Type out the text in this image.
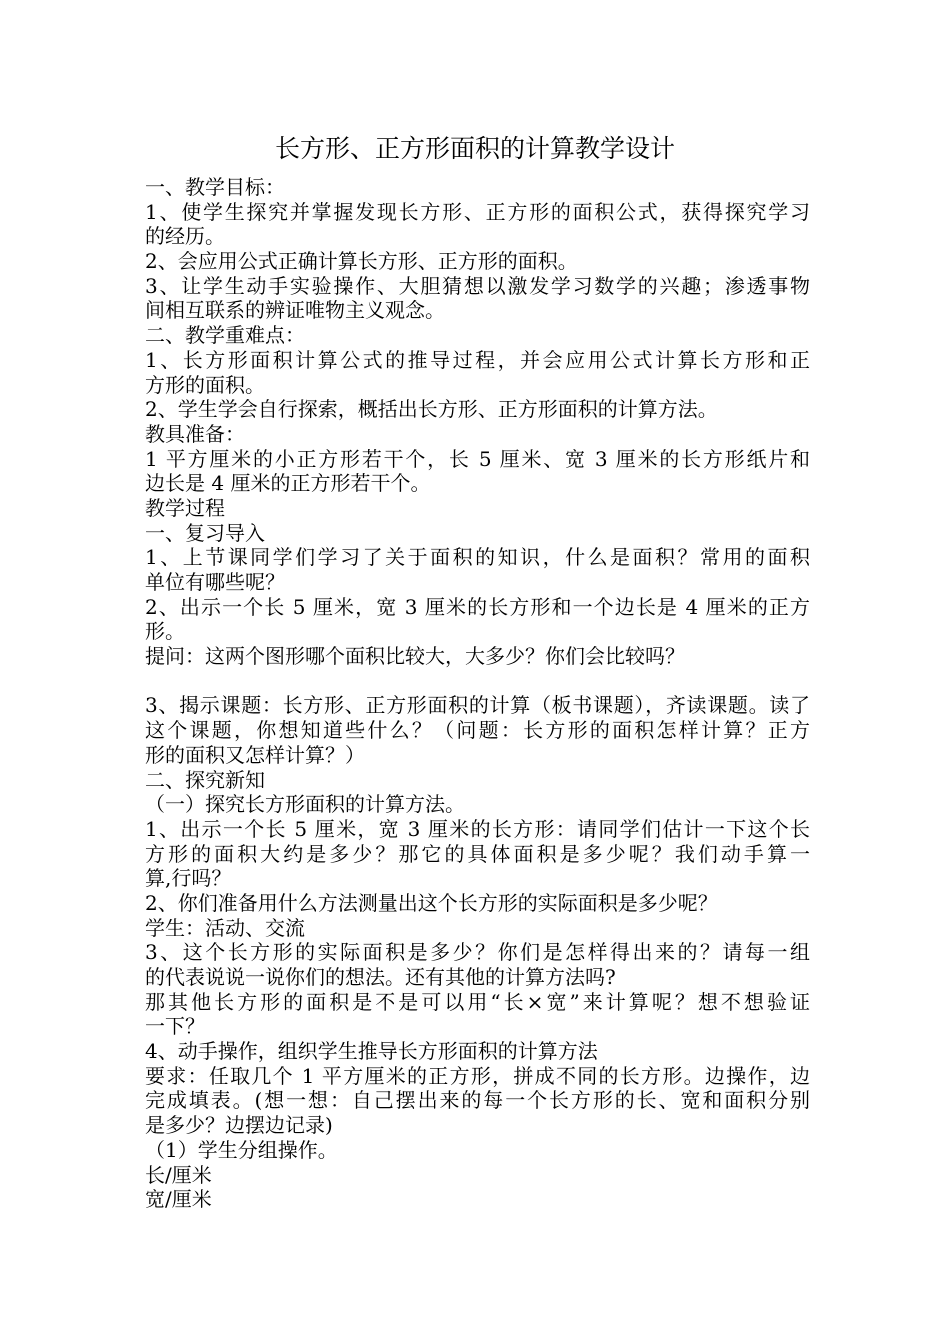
长方形、正方形面积的计算教学设计
一、教学目标：
1、使学生探究并掌握发现长方形、正方形的面积公式，获得探究学习
的经历。
2、会应用公式正确计算长方形、正方形的面积。
3、让学生动手实验操作、大胆猜想以激发学习数学的兴趣；渗透事物
间相互联系的辨证唯物主义观念。
二、教学重难点：
1、长方形面积计算公式的推导过程，并会应用公式计算长方形和正
方形的面积。
2、学生学会自行探索，概括出长方形、正方形面积的计算方法。
教具准备：
1 平方厘米的小正方形若干个，长 5 厘米、宽 3 厘米的长方形纸片和
边长是 4 厘米的正方形若干个。
教学过程
一、复习导入
1、上节课同学们学习了关于面积的知识，什么是面积？常用的面积
单位有哪些呢？
2、出示一个长 5 厘米，宽 3 厘米的长方形和一个边长是 4 厘米的正方
形。
提问：这两个图形哪个面积比较大，大多少？你们会比较吗？
3、揭示课题：长方形、正方形面积的计算（板书课题），齐读课题。读了
这个课题，你想知道些什么？（问题：长方形的面积怎样计算？正方
形的面积又怎样计算？）
二、探究新知
（一）探究长方形面积的计算方法。
1、出示一个长 5 厘米，宽 3 厘米的长方形：请同学们估计一下这个长
方形的面积大约是多少？那它的具体面积是多少呢？我们动手算一
算,行吗？
2、你们准备用什么方法测量出这个长方形的实际面积是多少呢？
学生：活动、交流
3、这个长方形的实际面积是多少？你们是怎样得出来的？请每一组
的代表说说一说你们的想法。还有其他的计算方法吗?
那其他长方形的面积是不是可以用“长×宽”来计算呢？想不想验证
一下？
4、动手操作，组织学生推导长方形面积的计算方法
要求：任取几个 1 平方厘米的正方形，拼成不同的长方形。边操作，边
完成填表。(想一想：自己摆出来的每一个长方形的长、宽和面积分别
是多少？边摆边记录)
（1）学生分组操作。
长/厘米
宽/厘米
